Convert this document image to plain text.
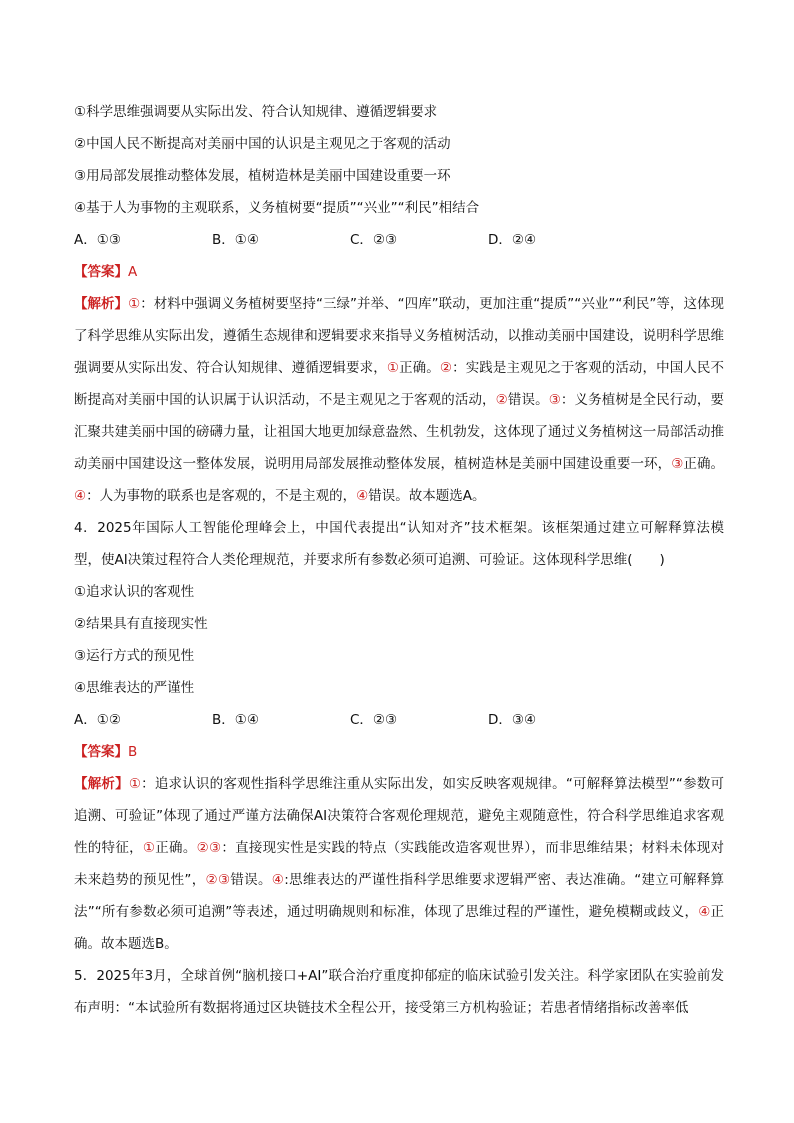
①科学思维强调要从实际出发、符合认知规律、遵循逻辑要求
②中国人民不断提高对美丽中国的认识是主观见之于客观的活动
③用局部发展推动整体发展，植树造林是美丽中国建设重要一环
④基于人为事物的主观联系，义务植树要“提质”“兴业”“利民”相结合
A．①③	B．①④	C．②③	D．②④
【答案】A
【解析】①：材料中强调义务植树要坚持“三绿”并举、“四库”联动，更加注重“提质”“兴业”“利民”等，这体现了科学思维从实际出发，遵循生态规律和逻辑要求来指导义务植树活动，以推动美丽中国建设，说明科学思维强调要从实际出发、符合认知规律、遵循逻辑要求，①正确。②：实践是主观见之于客观的活动，中国人民不断提高对美丽中国的认识属于认识活动，不是主观见之于客观的活动，②错误。③：义务植树是全民行动，要汇聚共建美丽中国的磅礴力量，让祖国大地更加绿意盎然、生机勃发，这体现了通过义务植树这一局部活动推动美丽中国建设这一整体发展，说明用局部发展推动整体发展，植树造林是美丽中国建设重要一环，③正确。④：人为事物的联系也是客观的，不是主观的，④错误。故本题选A。
4．2025年国际人工智能伦理峰会上，中国代表提出“认知对齐”技术框架。该框架通过建立可解释算法模型，使AI决策过程符合人类伦理规范，并要求所有参数必须可追溯、可验证。这体现科学思维(　　)
①追求认识的客观性
②结果具有直接现实性
③运行方式的预见性
④思维表达的严谨性
A．①②	B．①④	C．②③	D．③④
【答案】B
【解析】①：追求认识的客观性指科学思维注重从实际出发，如实反映客观规律。“可解释算法模型”“参数可追溯、可验证”体现了通过严谨方法确保AI决策符合客观伦理规范，避免主观随意性，符合科学思维追求客观性的特征，①正确。②③：直接现实性是实践的特点（实践能改造客观世界），而非思维结果；材料未体现对未来趋势的预见性”，②③错误。④:思维表达的严谨性指科学思维要求逻辑严密、表达准确。“建立可解释算法”“所有参数必须可追溯”等表述，通过明确规则和标准，体现了思维过程的严谨性，避免模糊或歧义，④正确。故本题选B。
5．2025年3月，全球首例“脑机接口+AI”联合治疗重度抑郁症的临床试验引发关注。科学家团队在实验前发布声明：“本试验所有数据将通过区块链技术全程公开，接受第三方机构验证；若患者情绪指标改善率低
